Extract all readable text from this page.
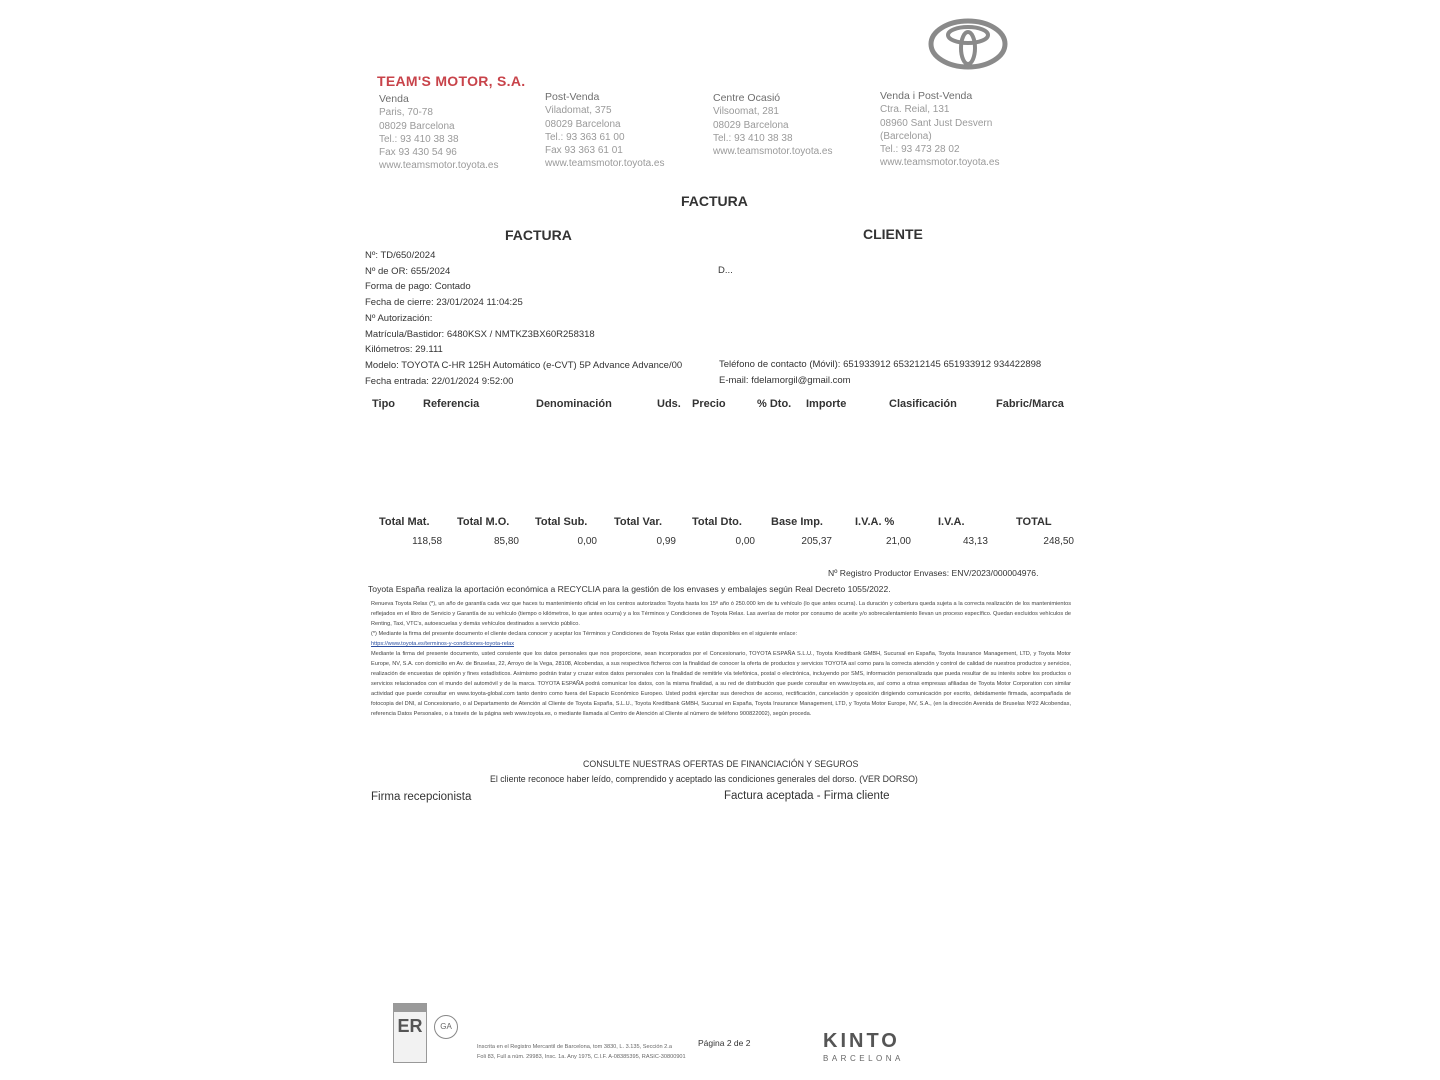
TEAM'S MOTOR, S.A.
Venda
Paris, 70-78
08029 Barcelona
Tel.: 93 410 38 38
Fax 93 430 54 96
www.teamsmotor.toyota.es
Post-Venda
Viladomat, 375
08029 Barcelona
Tel.: 93 363 61 00
Fax 93 363 61 01
www.teamsmotor.toyota.es
Centre Ocasió
Vilsoomat, 281
08029 Barcelona
Tel.: 93 410 38 38
www.teamsmotor.toyota.es
Venda i Post-Venda
Ctra. Reial, 131
08960 Sant Just Desvern
(Barcelona)
Tel.: 93 473 28 02
www.teamsmotor.toyota.es
FACTURA
FACTURA	CLIENTE
Nº: TD/650/2024
Nº de OR: 655/2024
Forma de pago: Contado
Fecha de cierre: 23/01/2024 11:04:25
Nº Autorización:
Matrícula/Bastidor: 6480KSX / NMTKZ3BX60R258318
Kilómetros: 29.111
Modelo: TOYOTA C-HR 125H Automático (e-CVT) 5P Advance Advance/00
Fecha entrada: 22/01/2024 9:52:00
D...
Teléfono de contacto (Móvil): 651933912 653212145 651933912 934422898
E-mail: fdelamorgil@gmail.com
Tipo	Referencia	Denominación	Uds. Precio	% Dto. Importe	Clasificación	Fabric/Marca
Total Mat. Total M.O. Total Sub. Total Var.	Total Dto.	Base Imp.	I.V.A. %	I.V.A.	TOTAL
118,58	85,80	0,00	0,99	0,00	205,37	21,00	43,13	248,50
Nº Registro Productor Envases: ENV/2023/000004976.
Toyota España realiza la aportación económica a RECYCLIA para la gestión de los envases y embalajes según Real Decreto 1055/2022.

Renueva Toyota Relax (*), un año de garantía cada vez que haces tu mantenimiento oficial en los centros autorizados Toyota hasta los 15º año ó 250.000 km de tu vehículo (lo que antes ocurra). La duración y cobertura queda sujeta a la correcta realización de los mantenimientos reflejados en el libro de Servicio y Garantía de su vehículo (tiempo o kilómetros, lo que antes ocurra) y a los Términos y Condiciones de Toyota Relax. Las averías de motor por consumo de aceite y/o sobrecalentamiento llevan un proceso específico. Quedan excluidos vehículos de Renting, Taxi, VTC's, autoescuelas y demás vehículos destinados a servicio público.

(*) Mediante la firma del presente documento el cliente declara conocer y aceptar los Términos y Condiciones de Toyota Relax que están disponibles en el siguiente enlace:

https://www.toyota.es/terminos-y-condiciones-toyota-relax

Mediante la firma del presente documento, usted consiente que los datos personales que nos proporcione, sean incorporados por el Concesionario, TOYOTA ESPAÑA S.L.U., Toyota Kreditbank GMBH, Sucursal en España, Toyota Insurance Management, LTD, y Toyota Motor Europe, NV, S.A. con domicilio en Av. de Bruselas, 22, Arroyo de la Vega, 28108, Alcobendas, a sus respectivos ficheros con la finalidad de conocer la oferta de productos y servicios TOYOTA así como para la correcta atención y control de calidad de nuestros productos y servicios, realización de encuestas de opinión y fines estadísticos. Asimismo podrán tratar y cruzar estos datos personales con la finalidad de remitirle vía telefónica, postal o electrónica, incluyendo por SMS, información personalizada que pueda resultar de su interés sobre los productos o servicios relacionados con el mundo del automóvil y de la marca. TOYOTA ESPAÑA podrá comunicar los datos, con la misma finalidad, a su red de distribución que puede consultar en www.toyota.es, así como a otras empresas afiliadas de Toyota Motor Corporation con similar actividad que puede consultar en www.toyota-global.com tanto dentro como fuera del Espacio Económico Europeo. Usted podrá ejercitar sus derechos de acceso, rectificación, cancelación y oposición dirigiendo comunicación por escrito, debidamente firmada, acompañada de fotocopia del DNI, al Concesionario, o al Departamento de Atención al Cliente de Toyota España, S.L.U., Toyota Kreditbank GMBH, Sucursal en España, Toyota Insurance Management, LTD, y Toyota Motor Europe, NV, S.A., (en la dirección Avenida de Bruselas Nº22 Alcobendas, referencia Datos Personales, o a través de la página web www.toyota.es, o mediante llamada al Centro de Atención al Cliente al número de teléfono 900822002), según proceda.

CONSULTE NUESTRAS OFERTAS DE FINANCIACIÓN Y SEGUROS
El cliente reconoce haber leído, comprendido y aceptado las condiciones generales del dorso. (VER DORSO)
Firma recepcionista	Factura aceptada - Firma cliente
ER	GA
Inscrita en el Registro Mercantil de Barcelona, tom 3830, L. 3.135, Sección 2.a
Foli 83, Full a núm. 29983, Insc. 1a. Any 1975, C.I.F. A-08385395, RASIC-30800901
Página 2 de 2	KINTO
BARCELONA
